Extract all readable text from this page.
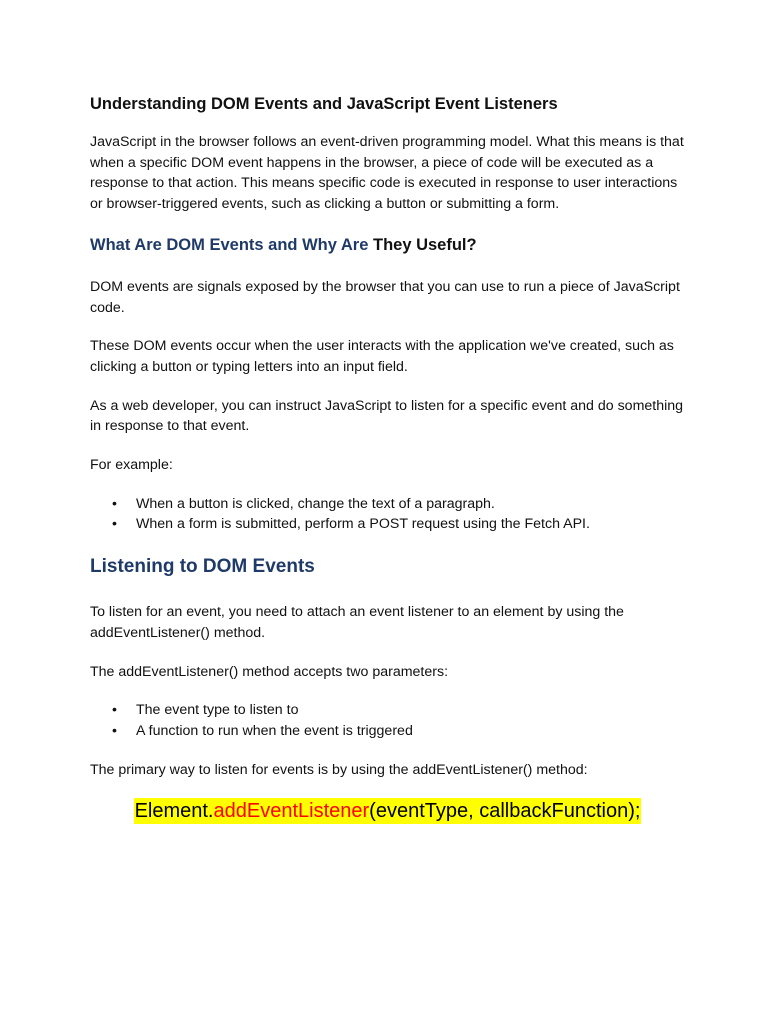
Understanding DOM Events and JavaScript Event Listeners

JavaScript in the browser follows an event-driven programming model. What this means is that when a specific DOM event happens in the browser, a piece of code will be executed as a response to that action. This means specific code is executed in response to user interactions or browser-triggered events, such as clicking a button or submitting a form.

What Are DOM Events and Why Are They Useful?

DOM events are signals exposed by the browser that you can use to run a piece of JavaScript code.

These DOM events occur when the user interacts with the application we've created, such as clicking a button or typing letters into an input field.

As a web developer, you can instruct JavaScript to listen for a specific event and do something in response to that event.

For example:

• When a button is clicked, change the text of a paragraph.
• When a form is submitted, perform a POST request using the Fetch API.
Listening to DOM Events

To listen for an event, you need to attach an event listener to an element by using the addEventListener() method.

The addEventListener() method accepts two parameters:

• The event type to listen to
• A function to run when the event is triggered

The primary way to listen for events is by using the addEventListener() method:

Element.addEventListener(eventType, callbackFunction);
